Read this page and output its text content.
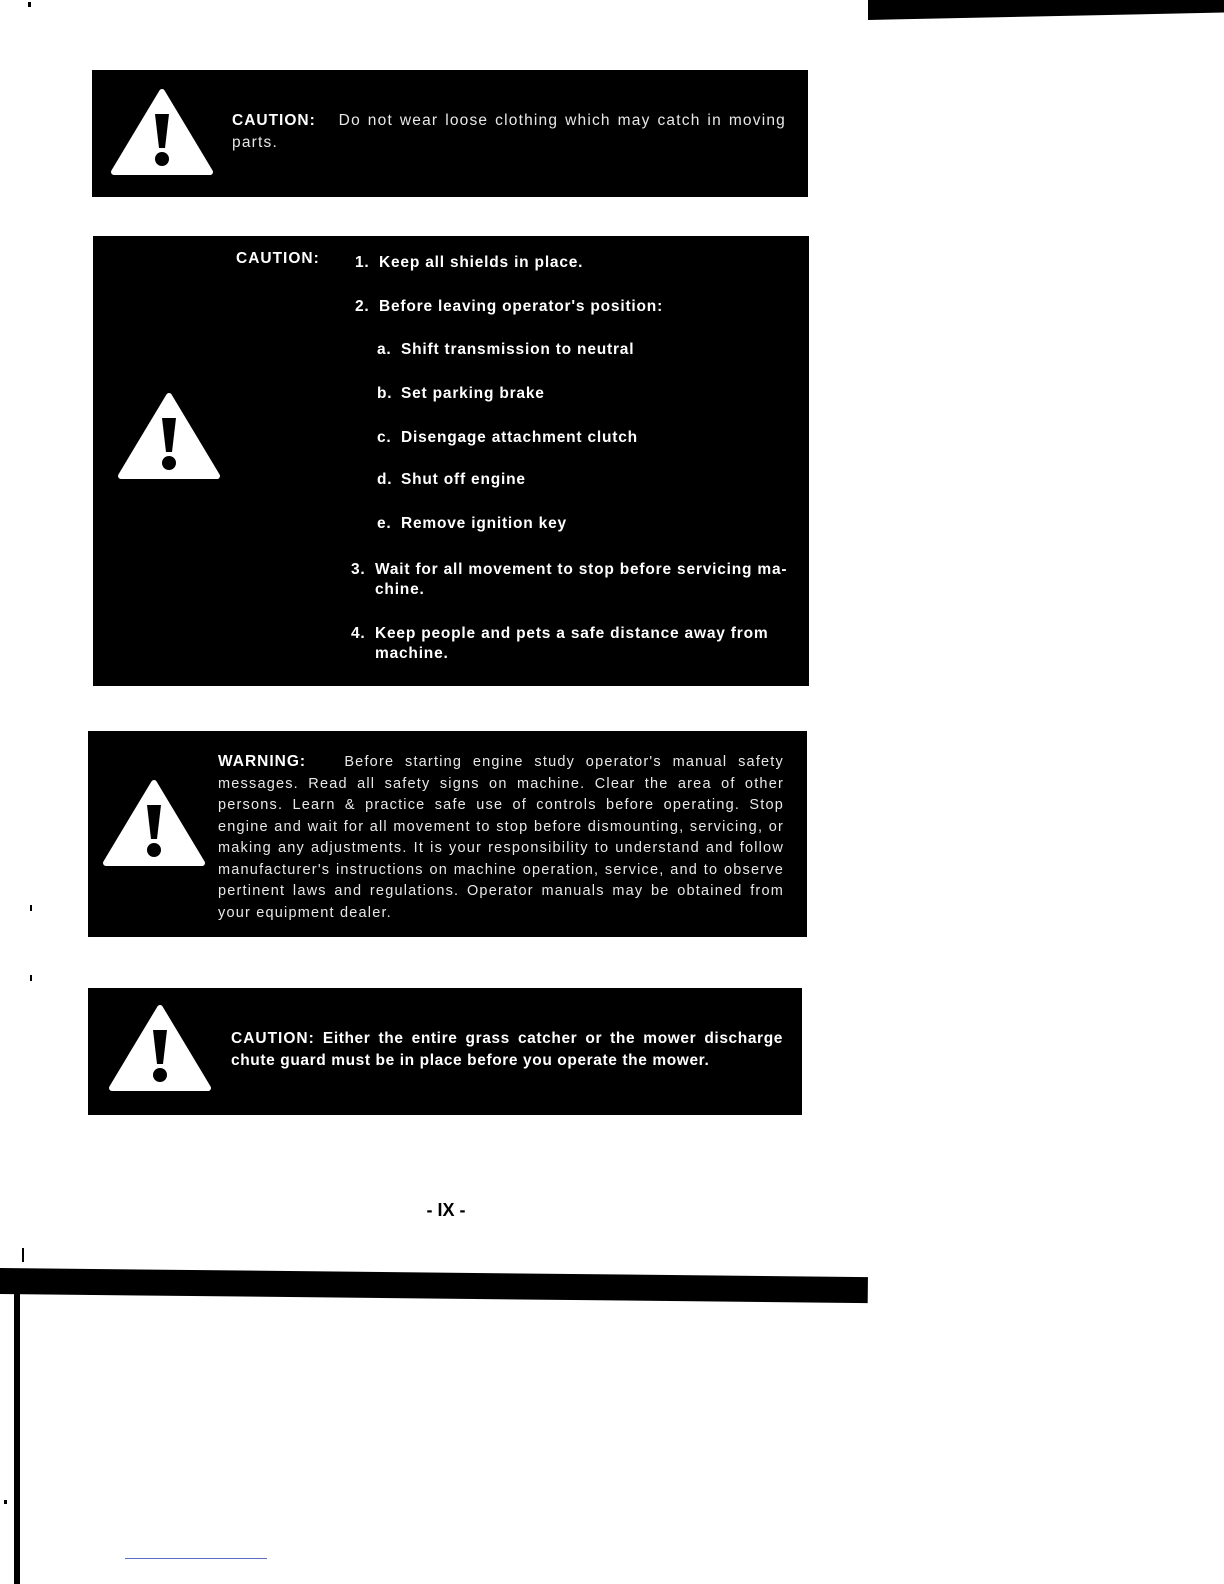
CAUTION: Do not wear loose clothing which may catch in moving parts.
CAUTION: 1. Keep all shields in place.
2. Before leaving operator's position:
a. Shift transmission to neutral
b. Set parking brake
c. Disengage attachment clutch
d. Shut off engine
e. Remove ignition key
3. Wait for all movement to stop before servicing ma-
chine.
4. Keep people and pets a safe distance away from
machine.
WARNING:	Before starting engine study operator's manual safety messages. Read all safety signs on machine. Clear the area of other persons. Learn & practice safe use of controls before operating. Stop engine and wait for all movement to stop before dismounting, servicing, or making any adjustments. It is your responsibility to understand and follow manufacturer's instructions on machine operation, service, and to observe pertinent laws and regulations. Operator manuals may be obtained from your equipment dealer.
CAUTION: Either the entire grass catcher or the mower discharge chute guard must be in place before you operate the mower.
- IX -
